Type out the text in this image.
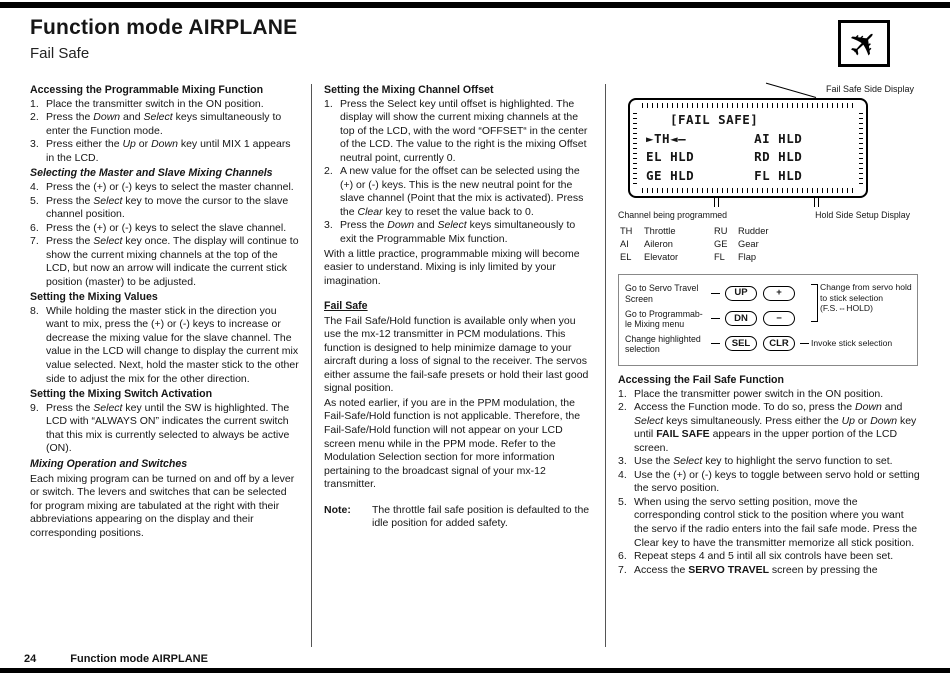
Function mode AIRPLANE
Fail Safe	✈
Accessing the Programmable Mixing Function
1. Place the transmitter switch in the ON position.
2. Press the Down and Select keys simultaneously to enter the Function mode.
3. Press either the Up or Down key until MIX 1 appears in the LCD.
Selecting the Master and Slave Mixing Channels
4. Press the (+) or (-) keys to select the master channel.
5. Press the Select key to move the cursor to the slave channel position.
6. Press the (+) or (-) keys to select the slave channel.
7. Press the Select key once. The display will continue to show the current mixing channels at the top of the LCD, but now an arrow will indicate the current stick position (master) to be adjusted.
Setting the Mixing Values
8. While holding the master stick in the direction you want to mix, press the (+) or (-) keys to increase or decrease the mixing value for the slave channel. The value in the LCD will change to display the current mix value selected. Next, hold the master stick to the other side to adjust the mix for the other direction.
Setting the Mixing Switch Activation
9. Press the Select key until the SW is highlighted. The LCD with “ALWAYS ON” indicates the current switch that this mix is currently selected to always be active (ON).
Mixing Operation and Switches
Each mixing program can be turned on and off by a lever or switch. The levers and switches that can be selected for program mixing are tabulated at the right with their abbreviations appearing on the display and their corresponding positions.
Setting the Mixing Channel Offset
1. Press the Select key until offset is highlighted. The display will show the current mixing channels at the top of the LCD, with the word “OFFSET“ in the center of the LCD. The value to the right is the mixing Offset neutral point, currently 0.
2. A new value for the offset can be selected using the (+) or (-) keys. This is the new neutral point for the slave channel (Point that the mix is activated). Press the Clear key to reset the value back to 0.
3. Press the Down and Select keys simultaneously to exit the Programmable Mix function.
With a little practice, programmable mixing will become easier to understand. Mixing is inly limited by your imagination.
Fail Safe
The Fail Safe/Hold function is available only when you use the mx-12 transmitter in PCM modulations. This function is designed to help minimize damage to your aircraft during a loss of signal to the receiver. The servos either assume the fail-safe presets or hold their last good signal position.
As noted earlier, if you are in the PPM modulation, the Fail-Safe/Hold function is not applicable. Therefore, the Fail-Safe/Hold function will not appear on your LCD screen menu while in the PPM mode. Refer to the Modulation Selection section for more information pertaining to the broadcast signal of your mx-12 transmitter.
Note:	The throttle fail safe position is defaulted to the idle position for added safety.
Fail Safe Side Display
[FAIL SAFE]
►TH◄—	AI HLD
EL HLD	RD HLD
GE HLD	FL HLD
Channel being programmed	Hold Side Setup Display
TH	Throttle	RU	Rudder
AI	Aileron	GE	Gear
EL	Elevator	FL	Flap
Go to Servo Travel Screen
UP	+
Go to Programmab- le Mixing menu
DN	−
Change highlighted selection
SEL	CLR	Invoke stick selection
Change from servo hold to stick selection (F.S.⇔HOLD)
Accessing the Fail Safe Function
1. Place the transmitter power switch in the ON position.
2. Access the Function mode. To do so, press the Down and Select keys simultaneously. Press either the Up or Down key until FAIL SAFE appears in the upper portion of the LCD screen.
3. Use the Select key to highlight the servo function to set.
4. Use the (+) or (-) keys to toggle between servo hold or setting the servo position.
5. When using the servo setting position, move the corresponding control stick to the position where you want the servo if the radio enters into the fail safe mode. Press the Clear key to have the transmitter memorize all stick position.
6. Repeat steps 4 and 5 intil all six controls have been set.
7. Access the SERVO TRAVEL screen by pressing the
24	Function mode AIRPLANE
